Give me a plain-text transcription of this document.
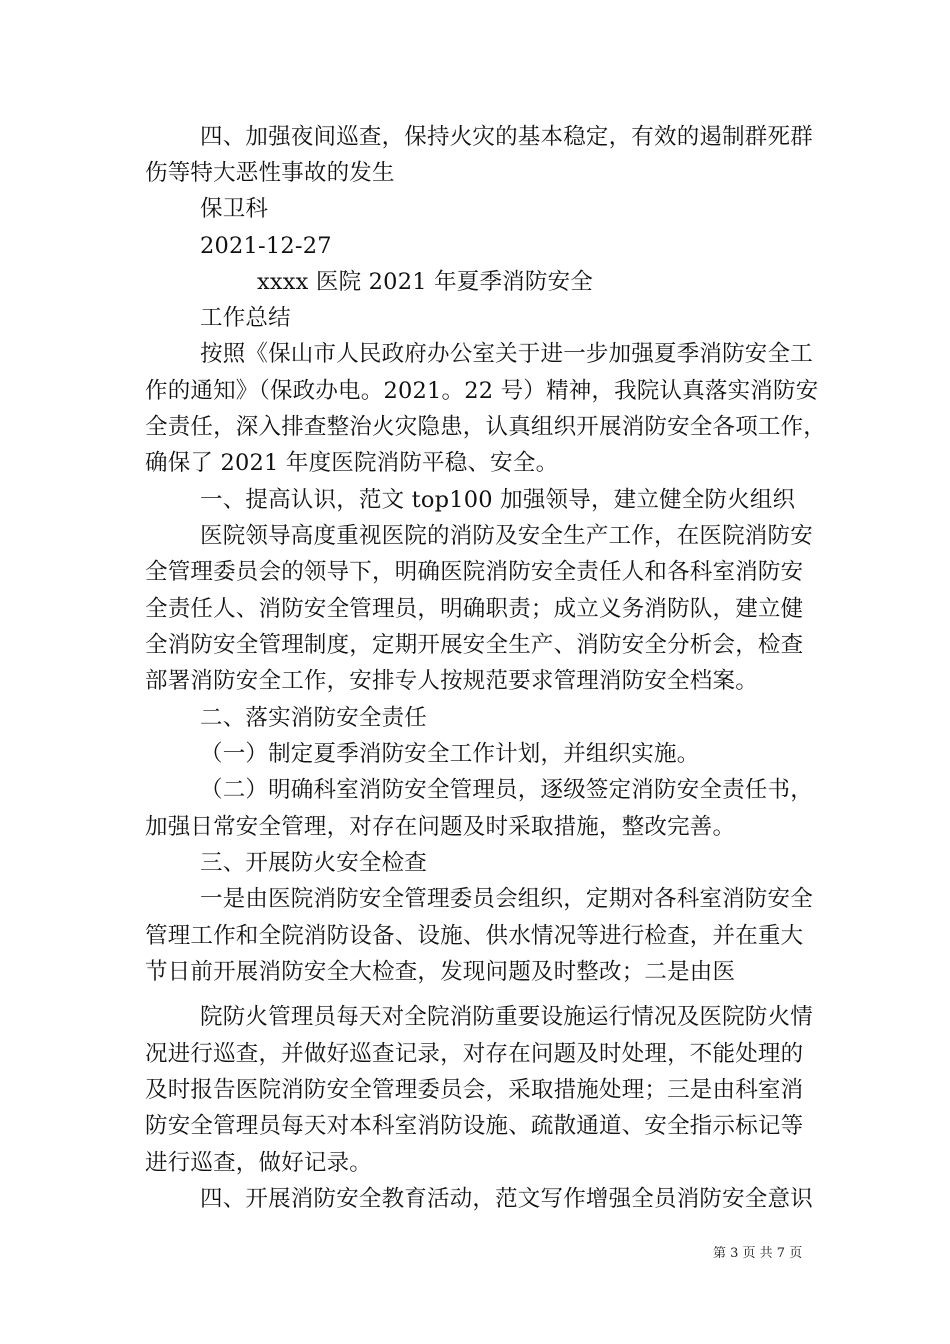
四、加强夜间巡查，保持火灾的基本稳定，有效的遏制群死群
伤等特大恶性事故的发生
保卫科
2021-12-27
xxxx 医院 2021 年夏季消防安全
工作总结
按照《保山市人民政府办公室关于进一步加强夏季消防安全工
作的通知》（保政办电。2021。22 号）精神，我院认真落实消防安
全责任，深入排查整治火灾隐患，认真组织开展消防安全各项工作，
确保了 2021 年度医院消防平稳、安全。
一、提高认识，范文 top100 加强领导，建立健全防火组织
医院领导高度重视医院的消防及安全生产工作，在医院消防安
全管理委员会的领导下，明确医院消防安全责任人和各科室消防安
全责任人、消防安全管理员，明确职责；成立义务消防队，建立健
全消防安全管理制度，定期开展安全生产、消防安全分析会，检查
部署消防安全工作，安排专人按规范要求管理消防安全档案。
二、落实消防安全责任
（一）制定夏季消防安全工作计划，并组织实施。
（二）明确科室消防安全管理员，逐级签定消防安全责任书，
加强日常安全管理，对存在问题及时采取措施，整改完善。
三、开展防火安全检查
一是由医院消防安全管理委员会组织，定期对各科室消防安全
管理工作和全院消防设备、设施、供水情况等进行检查，并在重大
节日前开展消防安全大检查，发现问题及时整改；二是由医
院防火管理员每天对全院消防重要设施运行情况及医院防火情
况进行巡查，并做好巡查记录，对存在问题及时处理，不能处理的
及时报告医院消防安全管理委员会，采取措施处理；三是由科室消
防安全管理员每天对本科室消防设施、疏散通道、安全指示标记等
进行巡查，做好记录。
四、开展消防安全教育活动，范文写作增强全员消防安全意识
第 3 页 共 7 页
